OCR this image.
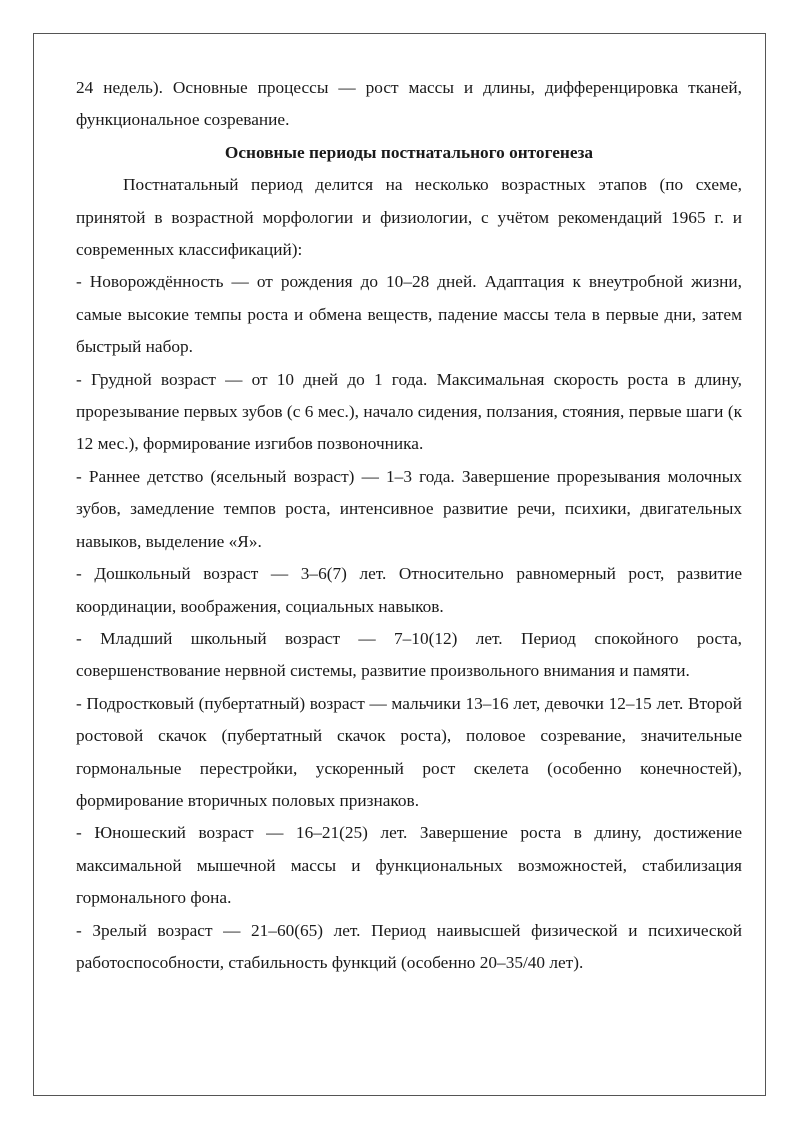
24 недель). Основные процессы — рост массы и длины, дифференцировка тканей, функциональное созревание.

Основные периоды постнатального онтогенеза

Постнатальный период делится на несколько возрастных этапов (по схеме, принятой в возрастной морфологии и физиологии, с учётом рекомендаций 1965 г. и современных классификаций):

- Новорождённость — от рождения до 10–28 дней. Адаптация к внеутробной жизни, самые высокие темпы роста и обмена веществ, падение массы тела в первые дни, затем быстрый набор.

- Грудной возраст — от 10 дней до 1 года. Максимальная скорость роста в длину, прорезывание первых зубов (с 6 мес.), начало сидения, ползания, стояния, первые шаги (к 12 мес.), формирование изгибов позвоночника.

- Раннее детство (ясельный возраст) — 1–3 года. Завершение прорезывания молочных зубов, замедление темпов роста, интенсивное развитие речи, психики, двигательных навыков, выделение «Я».

- Дошкольный возраст — 3–6(7) лет. Относительно равномерный рост, развитие координации, воображения, социальных навыков.

- Младший школьный возраст — 7–10(12) лет. Период спокойного роста, совершенствование нервной системы, развитие произвольного внимания и памяти.

- Подростковый (пубертатный) возраст — мальчики 13–16 лет, девочки 12–15 лет. Второй ростовой скачок (пубертатный скачок роста), половое созревание, значительные гормональные перестройки, ускоренный рост скелета (особенно конечностей), формирование вторичных половых признаков.

- Юношеский возраст — 16–21(25) лет. Завершение роста в длину, достижение максимальной мышечной массы и функциональных возможностей, стабилизация гормонального фона.

- Зрелый возраст — 21–60(65) лет. Период наивысшей физической и психической работоспособности, стабильность функций (особенно 20–35/40 лет).
